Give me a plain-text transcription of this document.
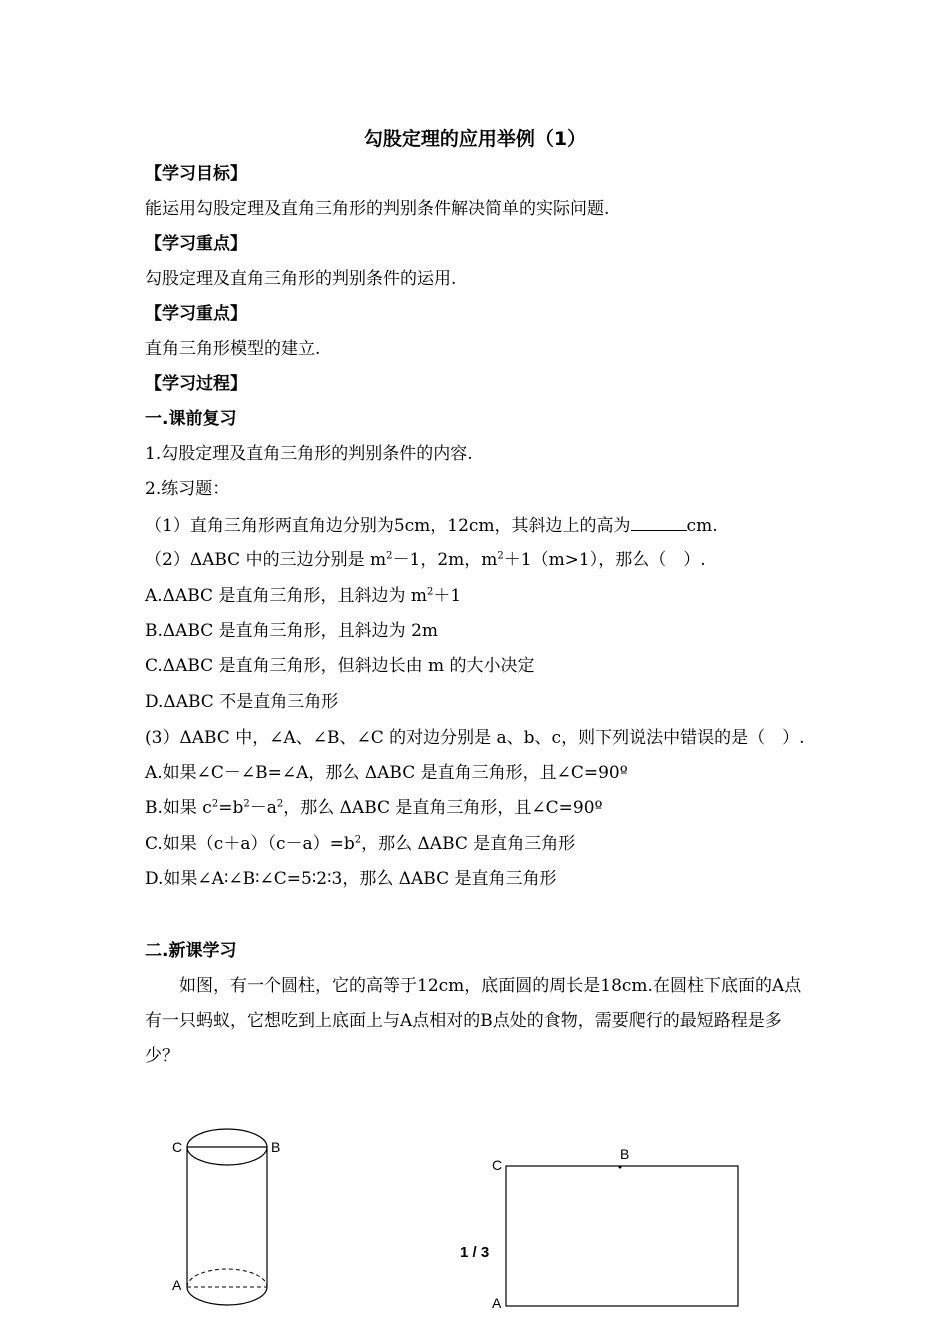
勾股定理的应用举例（1）
【学习目标】
能运用勾股定理及直角三角形的判别条件解决简单的实际问题.
【学习重点】
勾股定理及直角三角形的判别条件的运用.
【学习重点】
直角三角形模型的建立.
【学习过程】
一.课前复习
1.勾股定理及直角三角形的判别条件的内容.
2.练习题：
（1）直角三角形两直角边分别为5cm，12cm，其斜边上的高为	cm.
（2）ΔABC 中的三边分别是 $m^2-1$，2m，$m^2+1(m>1)$，那么（　）.
A.ΔABC 是直角三角形，且斜边为 $m^2+1$
B.ΔABC 是直角三角形，且斜边为 2m
C.ΔABC 是直角三角形，但斜边长由 m 的大小决定
D.ΔABC 不是直角三角形
(3）ΔABC 中，∠A、∠B、∠C 的对边分别是 a、b、c，则下列说法中错误的是（　）.
A.如果∠C－∠B=∠A，那么 ΔABC 是直角三角形，且∠C=90º
B.如果 $c^2=b^2-a^2$，那么 ΔABC 是直角三角形，且∠C=90º
C.如果$(c+a)(c-a)=b^2$，那么 ΔABC 是直角三角形
D.如果∠A∶∠B∶∠C=5∶2∶3，那么 ΔABC 是直角三角形
二.新课学习
如图，有一个圆柱，它的高等于12cm，底面圆的周长是18cm.在圆柱下底面的A点有一只蚂蚁，它想吃到上底面上与A点相对的B点处的食物，需要爬行的最短路程是多少？
C	B
A
C
B
A
1 / 3
